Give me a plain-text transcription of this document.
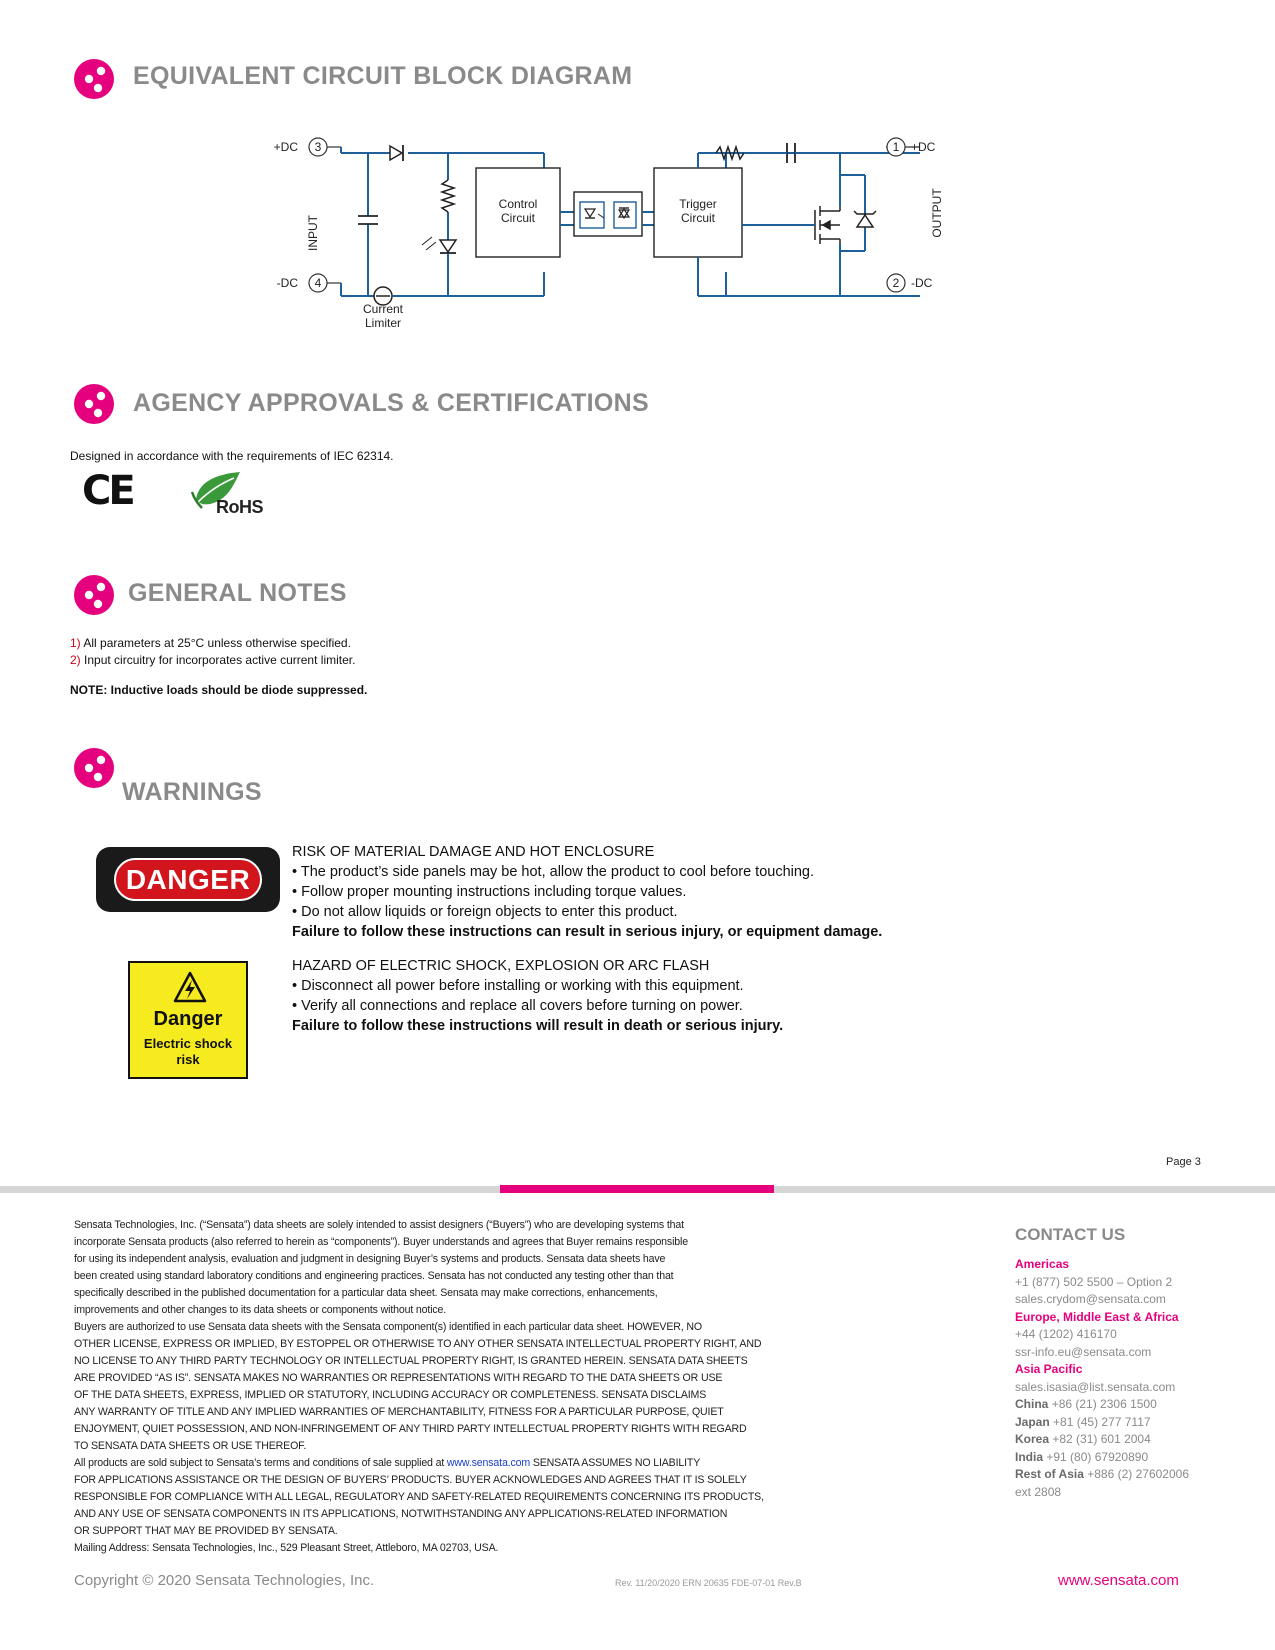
EQUIVALENT CIRCUIT BLOCK DIAGRAM
3
+DC
4
-DC
INPUT
Current
Limiter
Control
Circuit
Trigger
Circuit
1 +DC
2 -DC
OUTPUT
AGENCY APPROVALS & CERTIFICATIONS
Designed in accordance with the requirements of IEC 62314.
CE	RoHS
GENERAL NOTES
1) All parameters at 25°C unless otherwise specified.
2) Input circuitry for incorporates active current limiter.
NOTE: Inductive loads should be diode suppressed.
WARNINGS
DANGER
Danger
Electric shock
risk
RISK OF MATERIAL DAMAGE AND HOT ENCLOSURE
• The product’s side panels may be hot, allow the product to cool before touching.
• Follow proper mounting instructions including torque values.
• Do not allow liquids or foreign objects to enter this product.
Failure to follow these instructions can result in serious injury, or equipment damage.
HAZARD OF ELECTRIC SHOCK, EXPLOSION OR ARC FLASH
• Disconnect all power before installing or working with this equipment.
• Verify all connections and replace all covers before turning on power.
Failure to follow these instructions will result in death or serious injury.
Page 3

Sensata Technologies, Inc. (“Sensata”) data sheets are solely intended to assist designers (“Buyers”) who are developing systems that

incorporate Sensata products (also referred to herein as “components”). Buyer understands and agrees that Buyer remains responsible

for using its independent analysis, evaluation and judgment in designing Buyer’s systems and products. Sensata data sheets have

been created using standard laboratory conditions and engineering practices. Sensata has not conducted any testing other than that

specifically described in the published documentation for a particular data sheet. Sensata may make corrections, enhancements,

improvements and other changes to its data sheets or components without notice.

Buyers are authorized to use Sensata data sheets with the Sensata component(s) identified in each particular data sheet. HOWEVER, NO

OTHER LICENSE, EXPRESS OR IMPLIED, BY ESTOPPEL OR OTHERWISE TO ANY OTHER SENSATA INTELLECTUAL PROPERTY RIGHT, AND

NO LICENSE TO ANY THIRD PARTY TECHNOLOGY OR INTELLECTUAL PROPERTY RIGHT, IS GRANTED HEREIN. SENSATA DATA SHEETS

ARE PROVIDED “AS IS”. SENSATA MAKES NO WARRANTIES OR REPRESENTATIONS WITH REGARD TO THE DATA SHEETS OR USE

OF THE DATA SHEETS, EXPRESS, IMPLIED OR STATUTORY, INCLUDING ACCURACY OR COMPLETENESS. SENSATA DISCLAIMS

ANY WARRANTY OF TITLE AND ANY IMPLIED WARRANTIES OF MERCHANTABILITY, FITNESS FOR A PARTICULAR PURPOSE, QUIET

ENJOYMENT, QUIET POSSESSION, AND NON-INFRINGEMENT OF ANY THIRD PARTY INTELLECTUAL PROPERTY RIGHTS WITH REGARD

TO SENSATA DATA SHEETS OR USE THEREOF.

All products are sold subject to Sensata’s terms and conditions of sale supplied at www.sensata.com SENSATA ASSUMES NO LIABILITY

FOR APPLICATIONS ASSISTANCE OR THE DESIGN OF BUYERS’ PRODUCTS. BUYER ACKNOWLEDGES AND AGREES THAT IT IS SOLELY

RESPONSIBLE FOR COMPLIANCE WITH ALL LEGAL, REGULATORY AND SAFETY-RELATED REQUIREMENTS CONCERNING ITS PRODUCTS,

AND ANY USE OF SENSATA COMPONENTS IN ITS APPLICATIONS, NOTWITHSTANDING ANY APPLICATIONS-RELATED INFORMATION

OR SUPPORT THAT MAY BE PROVIDED BY SENSATA.

Mailing Address: Sensata Technologies, Inc., 529 Pleasant Street, Attleboro, MA 02703, USA.

CONTACT US
Americas
+1 (877) 502 5500 – Option 2
sales.crydom@sensata.com
Europe, Middle East & Africa
+44 (1202) 416170
ssr-info.eu@sensata.com
Asia Pacific
sales.isasia@list.sensata.com
China +86 (21) 2306 1500
Japan +81 (45) 277 7117
Korea +82 (31) 601 2004
India +91 (80) 67920890
Rest of Asia +886 (2) 27602006
ext 2808
Copyright © 2020 Sensata Technologies, Inc.	Rev. 11/20/2020 ERN 20635 FDE-07-01 Rev.B	www.sensata.com
